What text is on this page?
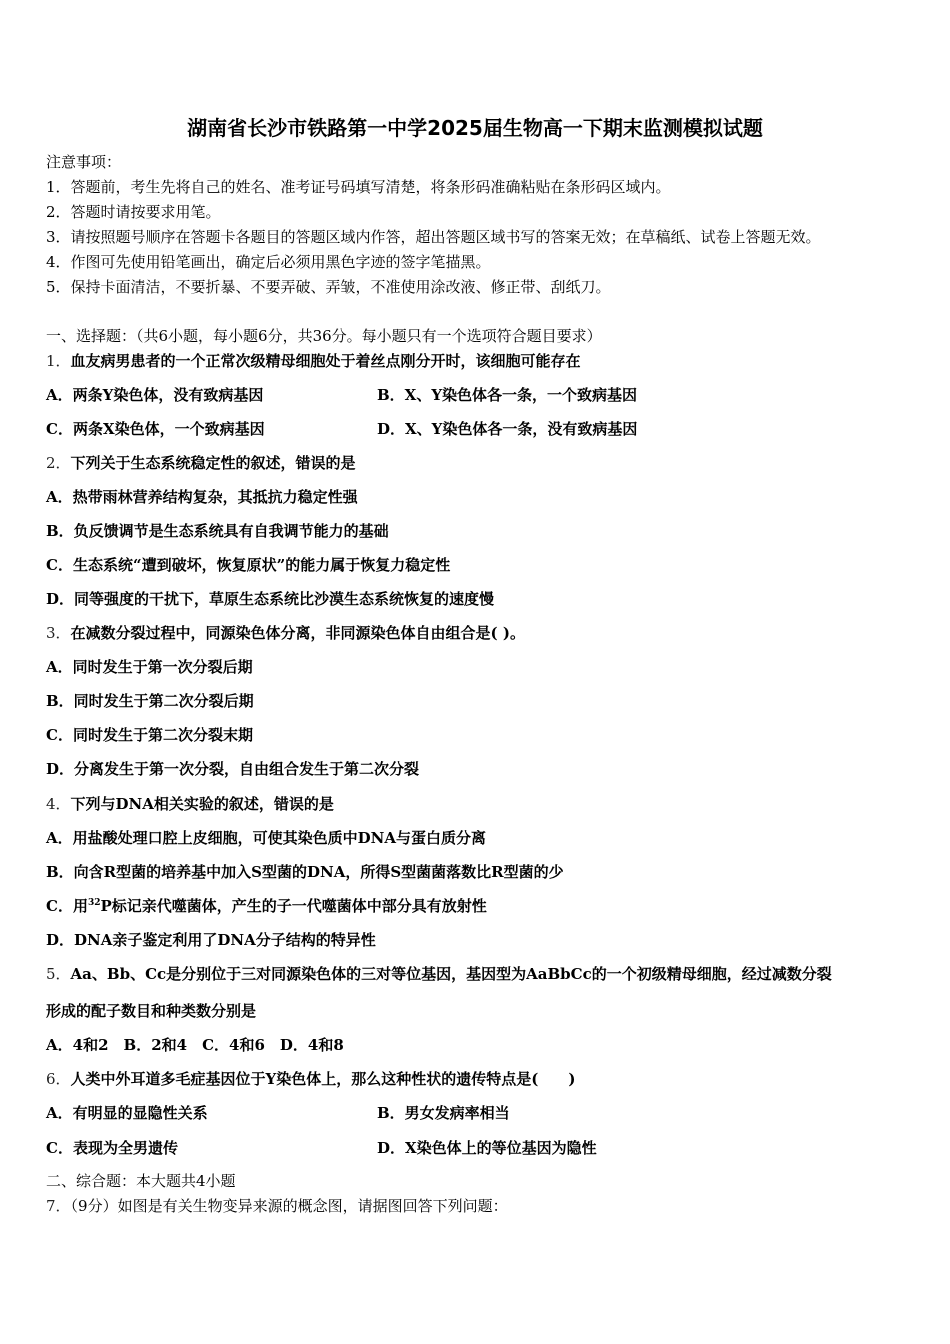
湖南省长沙市铁路第一中学2025届生物高一下期末监测模拟试题
注意事项：
1．答题前，考生先将自己的姓名、准考证号码填写清楚，将条形码准确粘贴在条形码区域内。
2．答题时请按要求用笔。
3．请按照题号顺序在答题卡各题目的答题区域内作答，超出答题区域书写的答案无效；在草稿纸、试卷上答题无效。
4．作图可先使用铅笔画出，确定后必须用黑色字迹的签字笔描黑。
5．保持卡面清洁，不要折暴、不要弄破、弄皱，不准使用涂改液、修正带、刮纸刀。
一、选择题：（共6小题，每小题6分，共36分。每小题只有一个选项符合题目要求）
1．血友病男患者的一个正常次级精母细胞处于着丝点刚分开时，该细胞可能存在
A．两条Y染色体，没有致病基因	B．X、Y染色体各一条，一个致病基因
C．两条X染色体，一个致病基因	D．X、Y染色体各一条，没有致病基因
2．下列关于生态系统稳定性的叙述，错误的是
A．热带雨林营养结构复杂，其抵抗力稳定性强
B．负反馈调节是生态系统具有自我调节能力的基础
C．生态系统“遭到破坏，恢复原状”的能力属于恢复力稳定性
D．同等强度的干扰下，草原生态系统比沙漠生态系统恢复的速度慢
3．在减数分裂过程中，同源染色体分离，非同源染色体自由组合是( )。
A．同时发生于第一次分裂后期
B．同时发生于第二次分裂后期
C．同时发生于第二次分裂末期
D．分离发生于第一次分裂，自由组合发生于第二次分裂
4．下列与DNA相关实验的叙述，错误的是
A．用盐酸处理口腔上皮细胞，可使其染色质中DNA与蛋白质分离
B．向含R型菌的培养基中加入S型菌的DNA，所得S型菌菌落数比R型菌的少
C．用$^{32}$P标记亲代噬菌体，产生的子一代噬菌体中部分具有放射性
D．DNA亲子鉴定利用了DNA分子结构的特异性
5．Aa、Bb、Cc是分别位于三对同源染色体的三对等位基因，基因型为AaBbCc的一个初级精母细胞，经过减数分裂
形成的配子数目和种类数分别是
A．4和2　B．2和4　C．4和6　D．4和8
6．人类中外耳道多毛症基因位于Y染色体上，那么这种性状的遗传特点是(　　)
A．有明显的显隐性关系	B．男女发病率相当
C．表现为全男遗传	D．X染色体上的等位基因为隐性
二、综合题：本大题共4小题
7．（9分）如图是有关生物变异来源的概念图，请据图回答下列问题：
